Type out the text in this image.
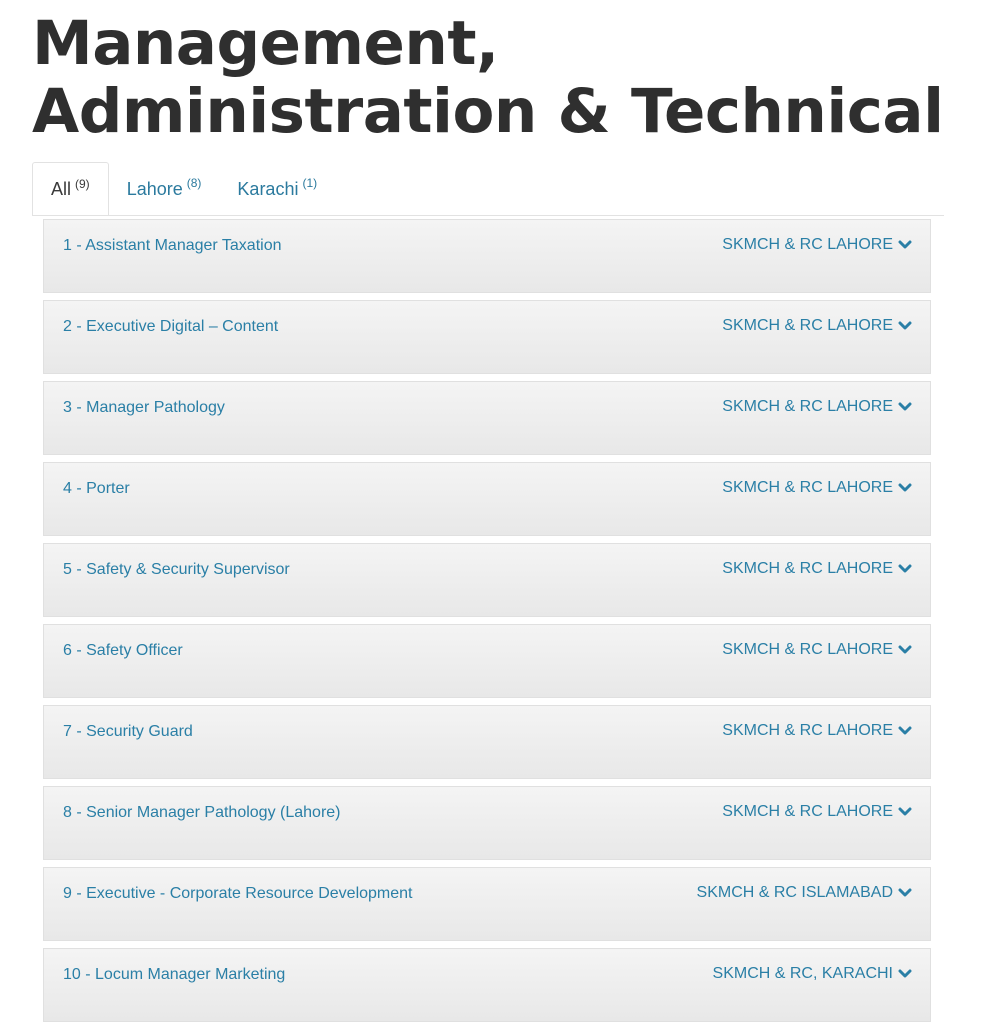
Management, Administration & Technical
All (9) Lahore (8) Karachi (1)
1 - Assistant Manager Taxation	SKMCH & RC LAHORE
2 - Executive Digital – Content	SKMCH & RC LAHORE
3 - Manager Pathology	SKMCH & RC LAHORE
4 - Porter	SKMCH & RC LAHORE
5 - Safety & Security Supervisor	SKMCH & RC LAHORE
6 - Safety Officer	SKMCH & RC LAHORE
7 - Security Guard	SKMCH & RC LAHORE
8 - Senior Manager Pathology (Lahore)	SKMCH & RC LAHORE
9 - Executive - Corporate Resource Development	SKMCH & RC ISLAMABAD
10 - Locum Manager Marketing	SKMCH & RC, KARACHI
